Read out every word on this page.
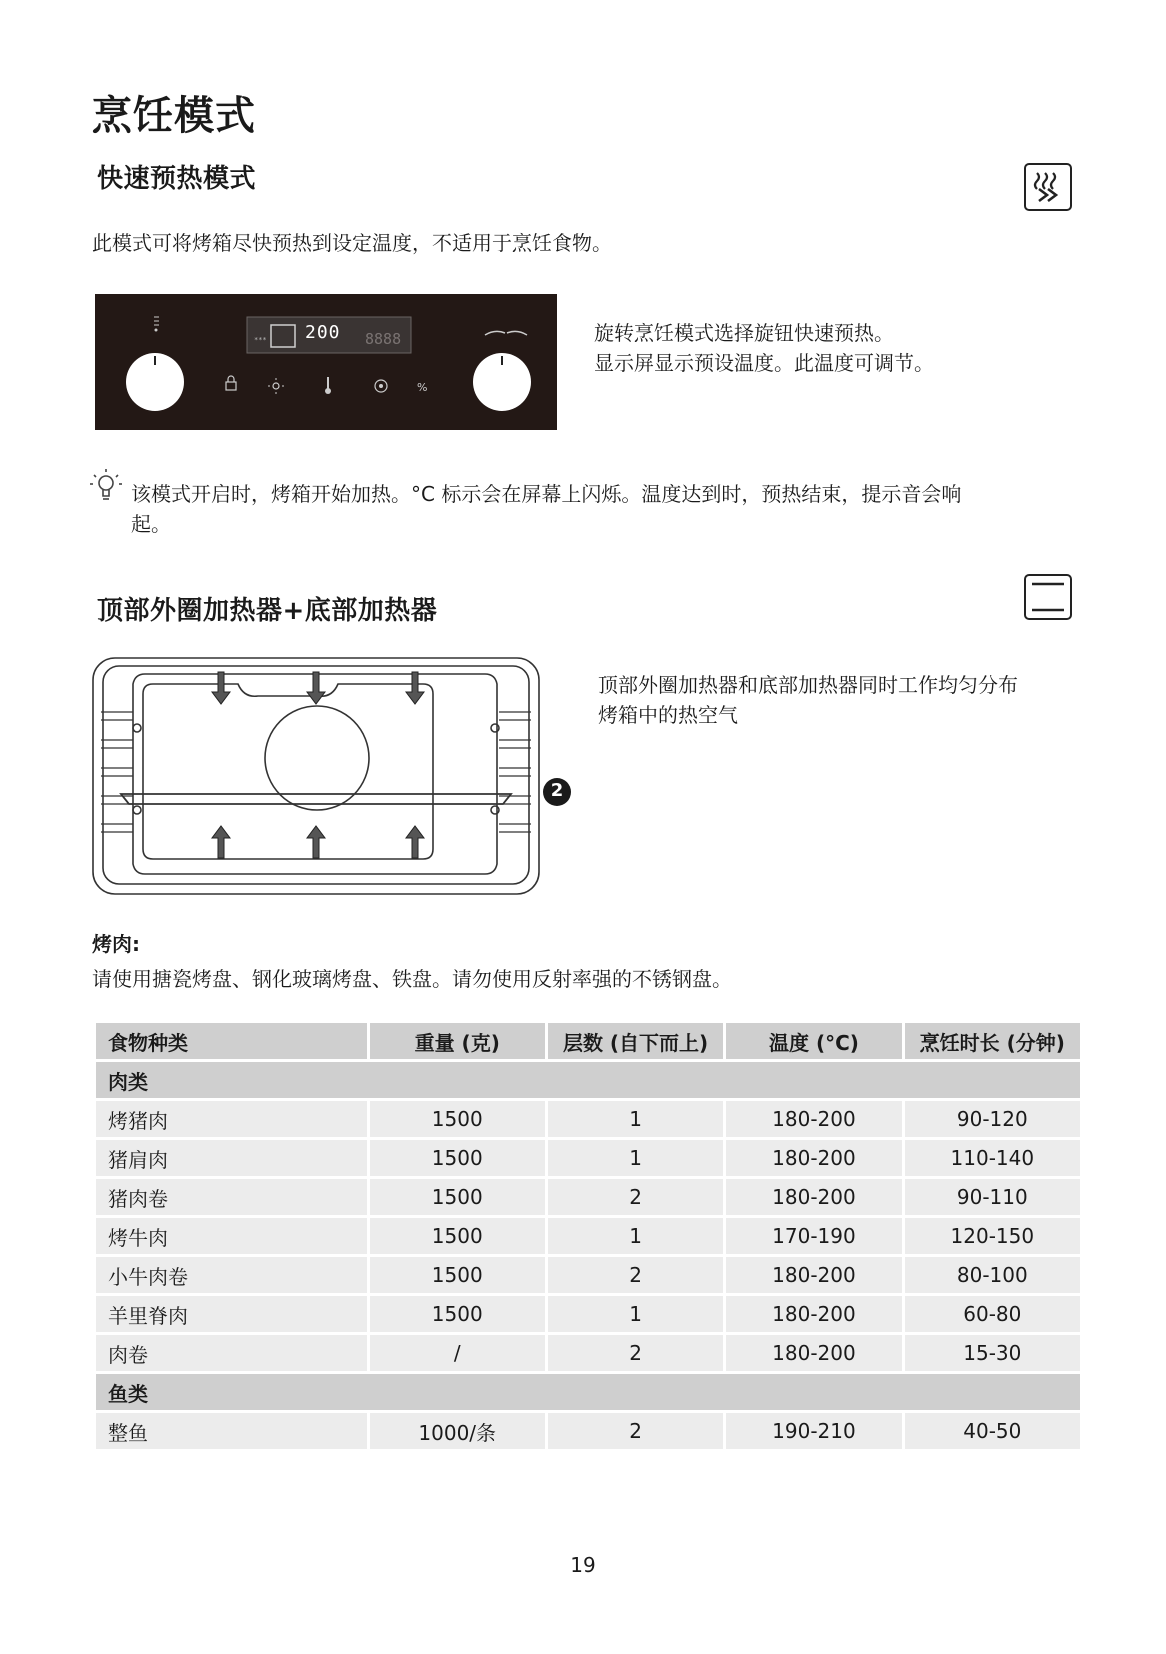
烹饪模式
快速预热模式
此模式可将烤箱尽快预热到设定温度，不适用于烹饪食物。
***	8888
%
200	旋转烹饪模式选择旋钮快速预热。
显示屏显示预设温度。此温度可调节。
该模式开启时，烤箱开始加热。°C 标示会在屏幕上闪烁。温度达到时，预热结束，提示音会响
起。
顶部外圈加热器+底部加热器
2
顶部外圈加热器和底部加热器同时工作均匀分布
烤箱中的热空气
烤肉:
请使用搪瓷烤盘、钢化玻璃烤盘、铁盘。请勿使用反射率强的不锈钢盘。
食物种类	重量 (克)	层数 (自下而上)	温度 (°C)	烹饪时长 (分钟)
肉类				
烤猪肉	1500	1	180-200	90-120
猪肩肉	1500	1	180-200	110-140
猪肉卷	1500	2	180-200	90-110
烤牛肉	1500	1	170-190	120-150
小牛肉卷	1500	2	180-200	80-100
羊里脊肉	1500	1	180-200	60-80
肉卷	/	2	180-200	15-30
鱼类				
整鱼	1000/条	2	190-210	40-50
19
